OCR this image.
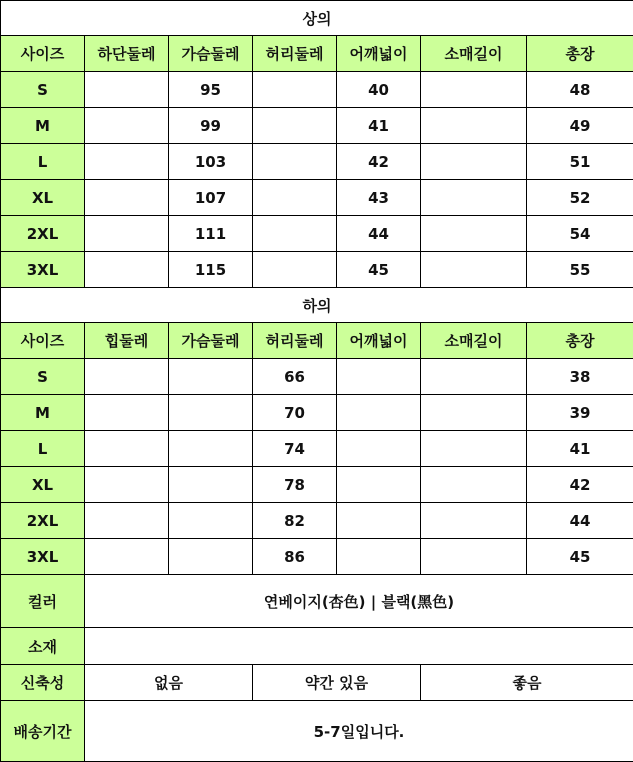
상의						
사이즈	하단둘레	가슴둘레	허리둘레	어깨넓이	소매길이	총장
S		95		40		48
M		99		41		49
L		103		42		51
XL		107		43		52
2XL		111		44		54
3XL		115		45		55
하의						
사이즈	힙둘레	가슴둘레	허리둘레	어깨넓이	소매길이	총장
S			66			38
M			70			39
L			74			41
XL			78			42
2XL			82			44
3XL			86			45
컬러	연베이지(杏色) | 블랙(黑色)					
소재						
신축성	없음		약간 있음		좋음	
배송기간	5-7일입니다.					
